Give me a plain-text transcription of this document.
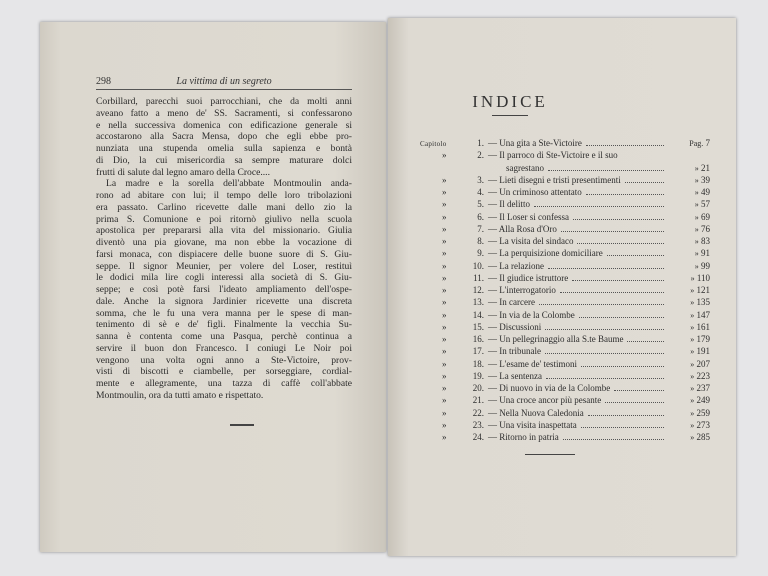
298	La vittima di un segreto
Corbillard, parecchi suoi parrocchiani, che da molti anni
aveano fatto a meno de' SS. Sacramenti, si confessarono
e nella successiva domenica con edificazione generale si
accostarono alla Sacra Mensa, dopo che egli ebbe pro-
nunziata una stupenda omelia sulla sapienza e bontà
di Dio, la cui misericordia sa sempre maturare dolci
frutti di salute dal legno amaro della Croce....
La madre e la sorella dell'abbate Montmoulin anda-
rono ad abitare con lui; il tempo delle loro tribolazioni
era passato. Carlino ricevette dalle mani dello zio la
prima S. Comunione e poi ritornò giulivo nella scuola
apostolica per prepararsi alla vita del missionario. Giulia
diventò una pia giovane, ma non ebbe la vocazione di
farsi monaca, con dispiacere delle buone suore di S. Giu-
seppe. Il signor Meunier, per volere del Loser, restituì
le dodici mila lire cogli interessi alla società di S. Giu-
seppe; e così potè farsi l'ideato ampliamento dell'ospe-
dale. Anche la signora Jardinier ricevette una discreta
somma, che le fu una vera manna per le spese di man-
tenimento di sè e de' figli. Finalmente la vecchia Su-
sanna è contenta come una Pasqua, perchè continua a
servire il buon don Francesco. I coniugi Le Noir poi
vengono una volta ogni anno a Ste-Victoire, prov-
visti di biscotti e ciambelle, per sorseggiare, cordial-
mente e allegramente, una tazza di caffè coll'abbate
Montmoulin, ora da tutti amato e rispettato.
INDICE
Capitolo	1. — Una gita a Ste-Victoire	Pag. 7
»	2. — Il parroco di Ste-Victoire e il suo
sagrestano	» 21
»	3. — Lieti disegni e tristi presentimenti	» 39
»	4. — Un criminoso attentato	» 49
»	5. — Il delitto	» 57
»	6. — Il Loser si confessa	» 69
»	7. — Alla Rosa d'Oro	» 76
»	8. — La visita del sindaco	» 83
»	9. — La perquisizione domiciliare	» 91
»	10. — La relazione	» 99
»	11. — Il giudice istruttore	» 110
»	12. — L'interrogatorio	» 121
»	13. — In carcere	» 135
»	14. — In via de la Colombe	» 147
»	15. — Discussioni	» 161
»	16. — Un pellegrinaggio alla S.te Baume	» 179
»	17. — In tribunale	» 191
»	18. — L'esame de' testimoni	» 207
»	19. — La sentenza	» 223
»	20. — Di nuovo in via de la Colombe	» 237
»	21. — Una croce ancor più pesante	» 249
»	22. — Nella Nuova Caledonia	» 259
»	23. — Una visita inaspettata	» 273
»	24. — Ritorno in patria	» 285
